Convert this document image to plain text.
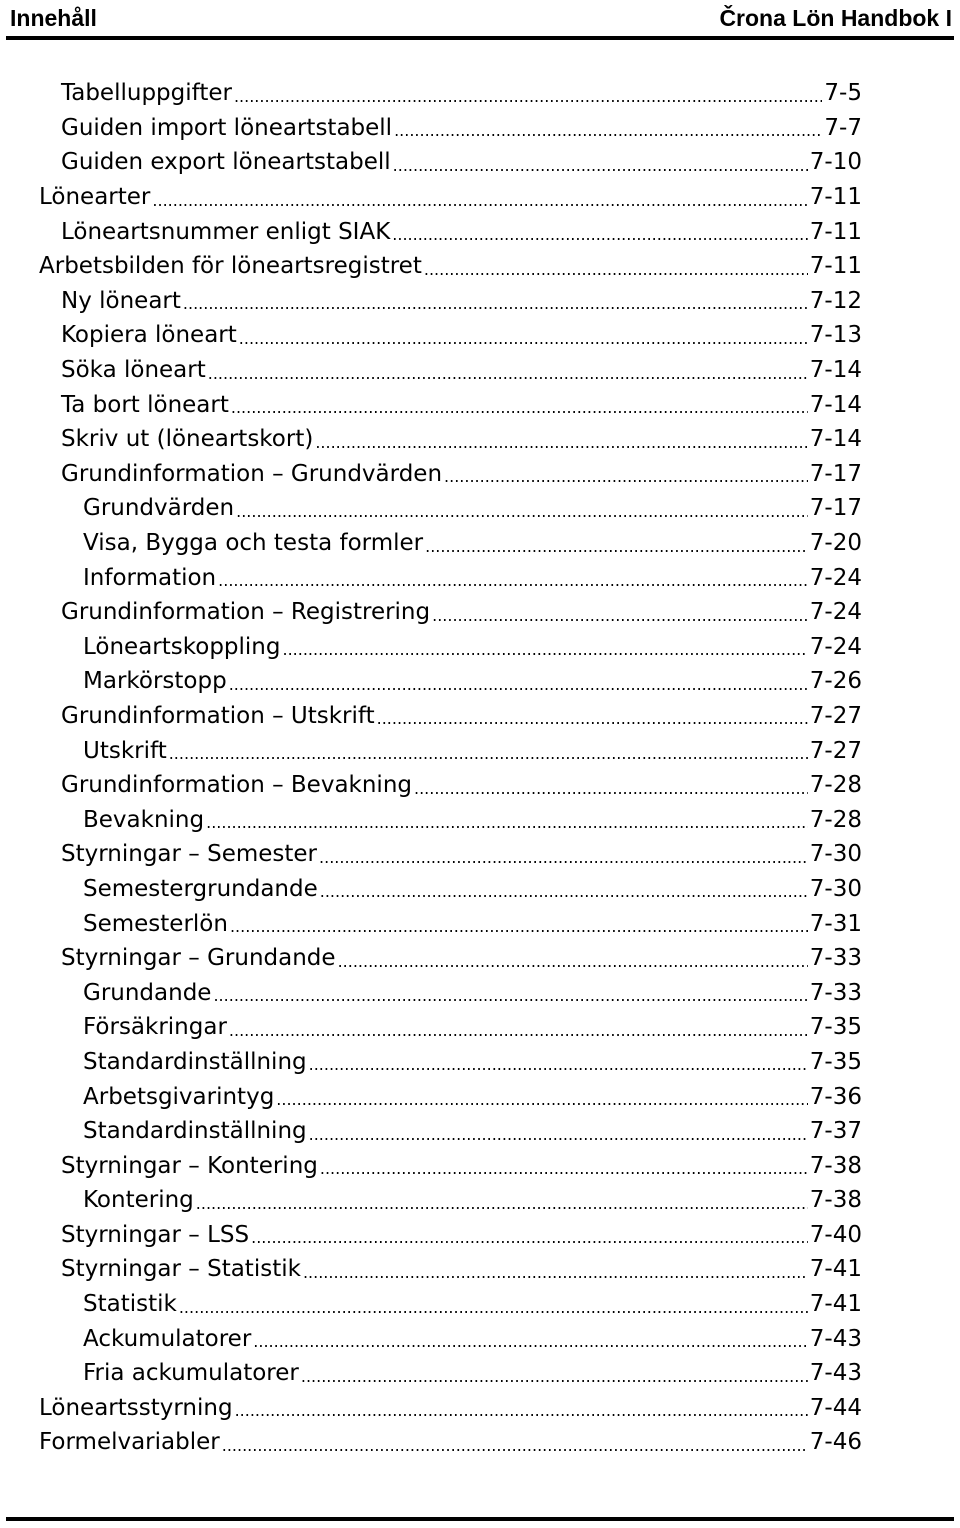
Innehåll	Črona Lön Handbok I
Tabelluppgifter .....	7-5
Guiden import löneartstabell .....	7-7
Guiden export löneartstabell .....	7-10
Lönearter .....	7-11
Löneartsnummer enligt SIAK .....	7-11
Arbetsbilden för löneartsregistret .....	7-11
Ny löneart .....	7-12
Kopiera löneart .....	7-13
Söka löneart .....	7-14
Ta bort löneart .....	7-14
Skriv ut (löneartskort) .....	7-14
Grundinformation – Grundvärden .....	7-17
Grundvärden .....	7-17
Visa, Bygga och testa formler .....	7-20
Information .....	7-24
Grundinformation – Registrering .....	7-24
Löneartskoppling .....	7-24
Markörstopp .....	7-26
Grundinformation – Utskrift .....	7-27
Utskrift .....	7-27
Grundinformation – Bevakning .....	7-28
Bevakning .....	7-28
Styrningar – Semester .....	7-30
Semestergrundande .....	7-30
Semesterlön .....	7-31
Styrningar – Grundande .....	7-33
Grundande .....	7-33
Försäkringar .....	7-35
Standardinställning .....	7-35
Arbetsgivarintyg .....	7-36
Standardinställning .....	7-37
Styrningar – Kontering .....	7-38
Kontering .....	7-38
Styrningar – LSS .....	7-40
Styrningar – Statistik .....	7-41
Statistik .....	7-41
Ackumulatorer .....	7-43
Fria ackumulatorer .....	7-43
Löneartsstyrning .....	7-44
Formelvariabler .....	7-46
